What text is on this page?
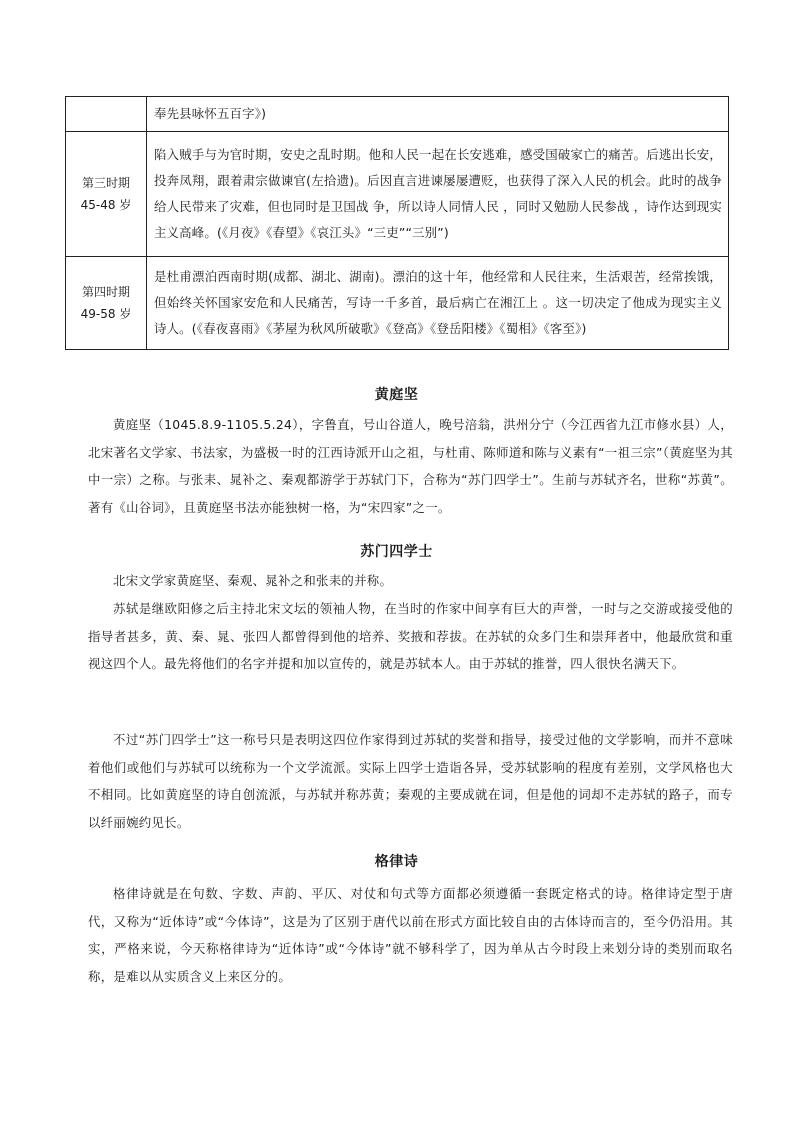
	奉先县咏怀五百字》)

第三时期
45-48 岁	陷入贼手与为官时期，安史之乱时期。他和人民一起在长安逃难，感受国破家亡的痛苦。后逃出长安，投奔凤翔，跟着肃宗做谏官(左拾遗)。后因直言进谏屡屡遭贬，也获得了深入人民的机会。此时的战争给人民带来了灾难，但也同时是卫国战 争，所以诗人同情人民 ，同时又勉励人民参战 ，诗作达到现实主义高峰。(《月夜》《春望》《哀江头》“三吏”“三别”)

第四时期
49-58 岁	是杜甫漂泊西南时期(成都、湖北、湖南)。漂泊的这十年，他经常和人民往来，生活艰苦，经常挨饿，但始终关怀国家安危和人民痛苦，写诗一千多首，最后病亡在湘江上 。这一切决定了他成为现实主义诗人。(《春夜喜雨》《茅屋为秋风所破歌》《登高》《登岳阳楼》《蜀相》《客至》)
黄庭坚

黄庭坚（1045.8.9-1105.5.24），字鲁直，号山谷道人，晚号涪翁，洪州分宁（今江西省九江市修水县）人，北宋著名文学家、书法家，为盛极一时的江西诗派开山之祖，与杜甫、陈师道和陈与义素有“一祖三宗”（黄庭坚为其中一宗）之称。与张耒、晁补之、秦观都游学于苏轼门下，合称为“苏门四学士”。生前与苏轼齐名，世称“苏黄”。著有《山谷词》，且黄庭坚书法亦能独树一格，为“宋四家”之一。

苏门四学士

北宋文学家黄庭坚、秦观、晁补之和张耒的并称。

苏轼是继欧阳修之后主持北宋文坛的领袖人物，在当时的作家中间享有巨大的声誉，一时与之交游或接受他的指导者甚多，黄、秦、晁、张四人都曾得到他的培养、奖掖和荐拔。在苏轼的众多门生和崇拜者中，他最欣赏和重视这四个人。最先将他们的名字并提和加以宣传的，就是苏轼本人。由于苏轼的推誉，四人很快名满天下。

不过“苏门四学士”这一称号只是表明这四位作家得到过苏轼的奖誉和指导，接受过他的文学影响，而并不意味着他们或他们与苏轼可以统称为一个文学流派。实际上四学士造诣各异，受苏轼影响的程度有差别，文学风格也大不相同。比如黄庭坚的诗自创流派，与苏轼并称苏黄；秦观的主要成就在词，但是他的词却不走苏轼的路子，而专以纤丽婉约见长。

格律诗

格律诗就是在句数、字数、声韵、平仄、对仗和句式等方面都必须遵循一套既定格式的诗。格律诗定型于唐代，又称为“近体诗”或“今体诗”，这是为了区别于唐代以前在形式方面比较自由的古体诗而言的，至今仍沿用。其实，严格来说，今天称格律诗为“近体诗”或“今体诗”就不够科学了，因为单从古今时段上来划分诗的类别而取名称，是难以从实质含义上来区分的。
